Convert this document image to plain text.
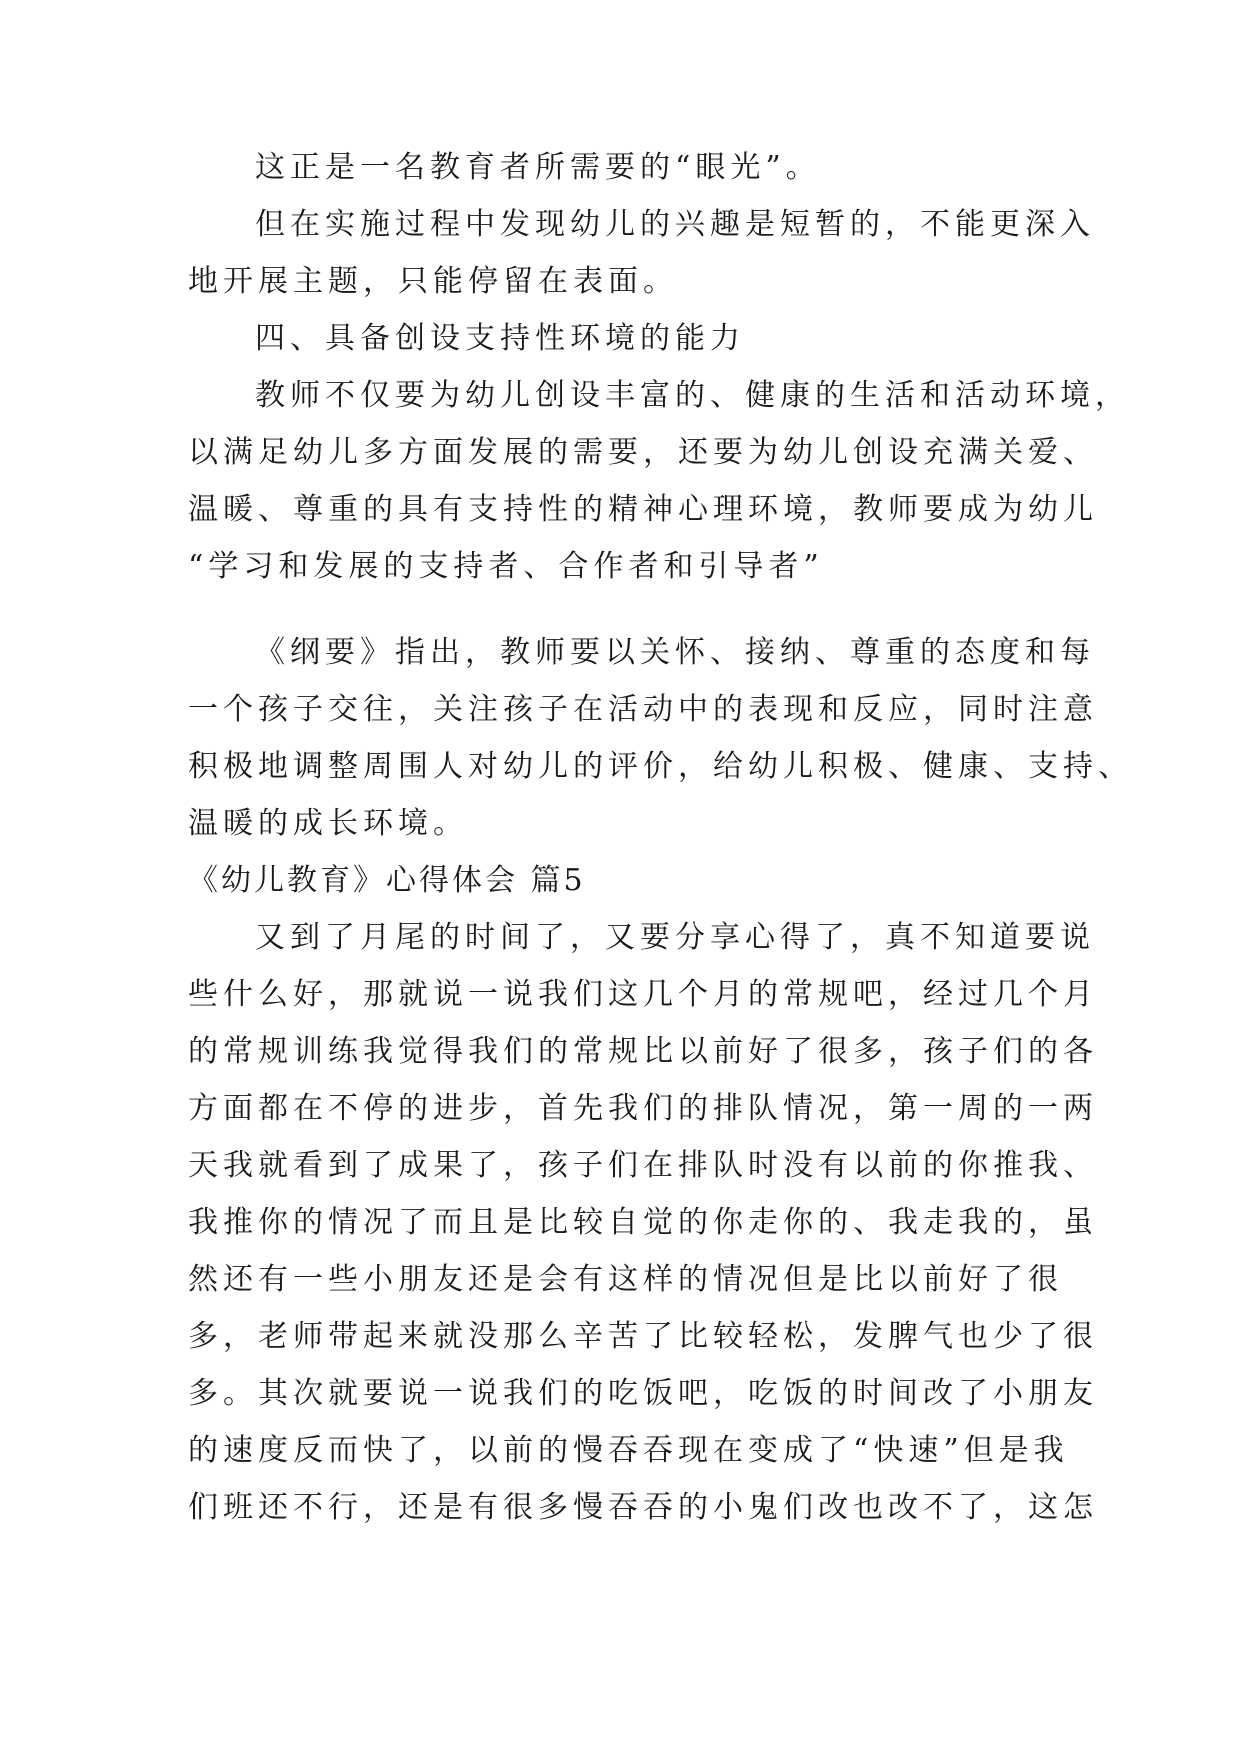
这正是一名教育者所需要的“眼光”。
但在实施过程中发现幼儿的兴趣是短暂的，不能更深入
地开展主题，只能停留在表面。
四、具备创设支持性环境的能力
教师不仅要为幼儿创设丰富的、健康的生活和活动环境，
以满足幼儿多方面发展的需要，还要为幼儿创设充满关爱、
温暖、尊重的具有支持性的精神心理环境，教师要成为幼儿
“学习和发展的支持者、合作者和引导者”
《纲要》指出，教师要以关怀、接纳、尊重的态度和每
一个孩子交往，关注孩子在活动中的表现和反应，同时注意
积极地调整周围人对幼儿的评价，给幼儿积极、健康、支持、
温暖的成长环境。
《幼儿教育》心得体会 篇5
又到了月尾的时间了，又要分享心得了，真不知道要说
些什么好，那就说一说我们这几个月的常规吧，经过几个月
的常规训练我觉得我们的常规比以前好了很多，孩子们的各
方面都在不停的进步，首先我们的排队情况，第一周的一两
天我就看到了成果了，孩子们在排队时没有以前的你推我、
我推你的情况了而且是比较自觉的你走你的、我走我的，虽
然还有一些小朋友还是会有这样的情况但是比以前好了很
多，老师带起来就没那么辛苦了比较轻松，发脾气也少了很
多。其次就要说一说我们的吃饭吧，吃饭的时间改了小朋友
的速度反而快了，以前的慢吞吞现在变成了“快速”但是我
们班还不行，还是有很多慢吞吞的小鬼们改也改不了，这怎
